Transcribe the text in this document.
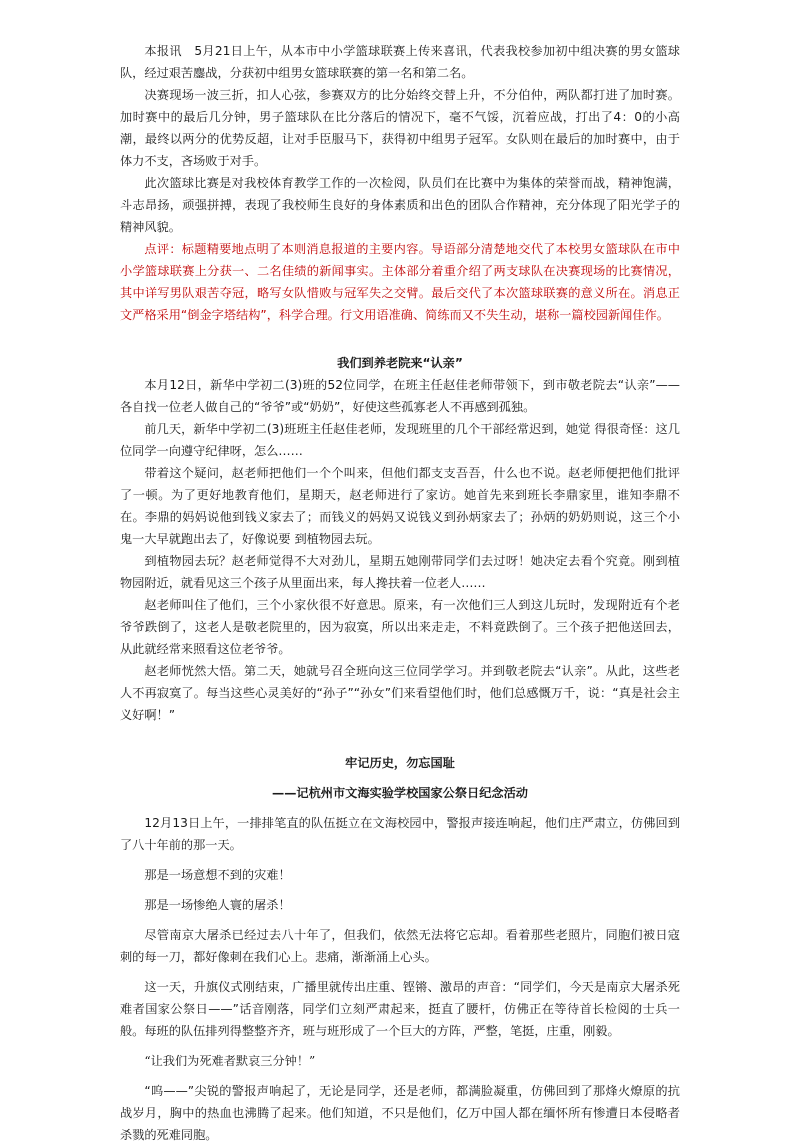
本报讯　5月21日上午，从本市中小学篮球联赛上传来喜讯，代表我校参加初中组决赛的男女篮球队，经过艰苦鏖战，分获初中组男女篮球联赛的第一名和第二名。

决赛现场一波三折，扣人心弦，参赛双方的比分始终交替上升，不分伯仲，两队都打进了加时赛。加时赛中的最后几分钟，男子篮球队在比分落后的情况下，毫不气馁，沉着应战，打出了4：0的小高潮，最终以两分的优势反超，让对手臣服马下，获得初中组男子冠军。女队则在最后的加时赛中，由于体力不支，吝场败于对手。

此次篮球比赛是对我校体育教学工作的一次检阅，队员们在比赛中为集体的荣誉而战，精神饱满，斗志昂扬，顽强拼搏，表现了我校师生良好的身体素质和出色的团队合作精神，充分体现了阳光学子的精神风貌。

点评：标题精要地点明了本则消息报道的主要内容。导语部分清楚地交代了本校男女篮球队在市中小学篮球联赛上分获一、二名佳绩的新闻事实。主体部分着重介绍了两支球队在决赛现场的比赛情况，其中详写男队艰苦夺冠，略写女队惜败与冠军失之交臂。最后交代了本次篮球联赛的意义所在。消息正文严格采用“倒金字塔结构”，科学合理。行文用语准确、简练而又不失生动，堪称一篇校园新闻佳作。

我们到养老院来“认亲”

本月12日，新华中学初二(3)班的52位同学，在班主任赵佳老师带领下，到市敬老院去“认亲”——各自找一位老人做自己的“爷爷”或“奶奶”，好使这些孤寡老人不再感到孤独。

前几天，新华中学初二(3)班班主任赵佳老师，发现班里的几个干部经常迟到，她觉 得很奇怪：这几位同学一向遵守纪律呀，怎么……

带着这个疑问，赵老师把他们一个个叫来，但他们都支支吾吾，什么也不说。赵老师便把他们批评了一顿。为了更好地教育他们，星期天，赵老师进行了家访。她首先来到班长李鼎家里，谁知李鼎不在。李鼎的妈妈说他到钱义家去了；而钱义的妈妈又说钱义到孙炳家去了；孙炳的奶奶则说，这三个小鬼一大早就跑出去了，好像说要 到植物园去玩。

到植物园去玩？赵老师觉得不大对劲儿，星期五她刚带同学们去过呀！她决定去看个究竟。刚到植物园附近，就看见这三个孩子从里面出来，每人搀扶着一位老人……

赵老师叫住了他们，三个小家伙很不好意思。原来，有一次他们三人到这儿玩时，发现附近有个老爷爷跌倒了，这老人是敬老院里的，因为寂寞，所以出来走走，不料竟跌倒了。三个孩子把他送回去，从此就经常来照看这位老爷爷。

赵老师恍然大悟。第二天，她就号召全班向这三位同学学习。并到敬老院去“认亲”。从此，这些老人不再寂寞了。每当这些心灵美好的“孙子”“孙女”们来看望他们时，他们总感慨万千，说：“真是社会主义好啊！”

牢记历史，勿忘国耻

——记杭州市文海实验学校国家公祭日纪念活动

12月13日上午，一排排笔直的队伍挺立在文海校园中，警报声接连响起，他们庄严肃立，仿佛回到了八十年前的那一天。

那是一场意想不到的灾难！

那是一场惨绝人寰的屠杀！

尽管南京大屠杀已经过去八十年了，但我们，依然无法将它忘却。看着那些老照片，同胞们被日寇刺的每一刀，都好像刺在我们心上。悲痛，渐渐涌上心头。

这一天，升旗仪式刚结束，广播里就传出庄重、铿锵、激昂的声音：“同学们，今天是南京大屠杀死难者国家公祭日——”话音刚落，同学们立刻严肃起来，挺直了腰杆，仿佛正在等待首长检阅的士兵一般。每班的队伍排列得整整齐齐，班与班形成了一个巨大的方阵，严整，笔挺，庄重，刚毅。

“让我们为死难者默哀三分钟！”

“呜——”尖锐的警报声响起了，无论是同学，还是老师，都满脸凝重，仿佛回到了那烽火燎原的抗战岁月，胸中的热血也沸腾了起来。他们知道，不只是他们，亿万中国人都在缅怀所有惨遭日本侵略者杀戮的死难同胞。
